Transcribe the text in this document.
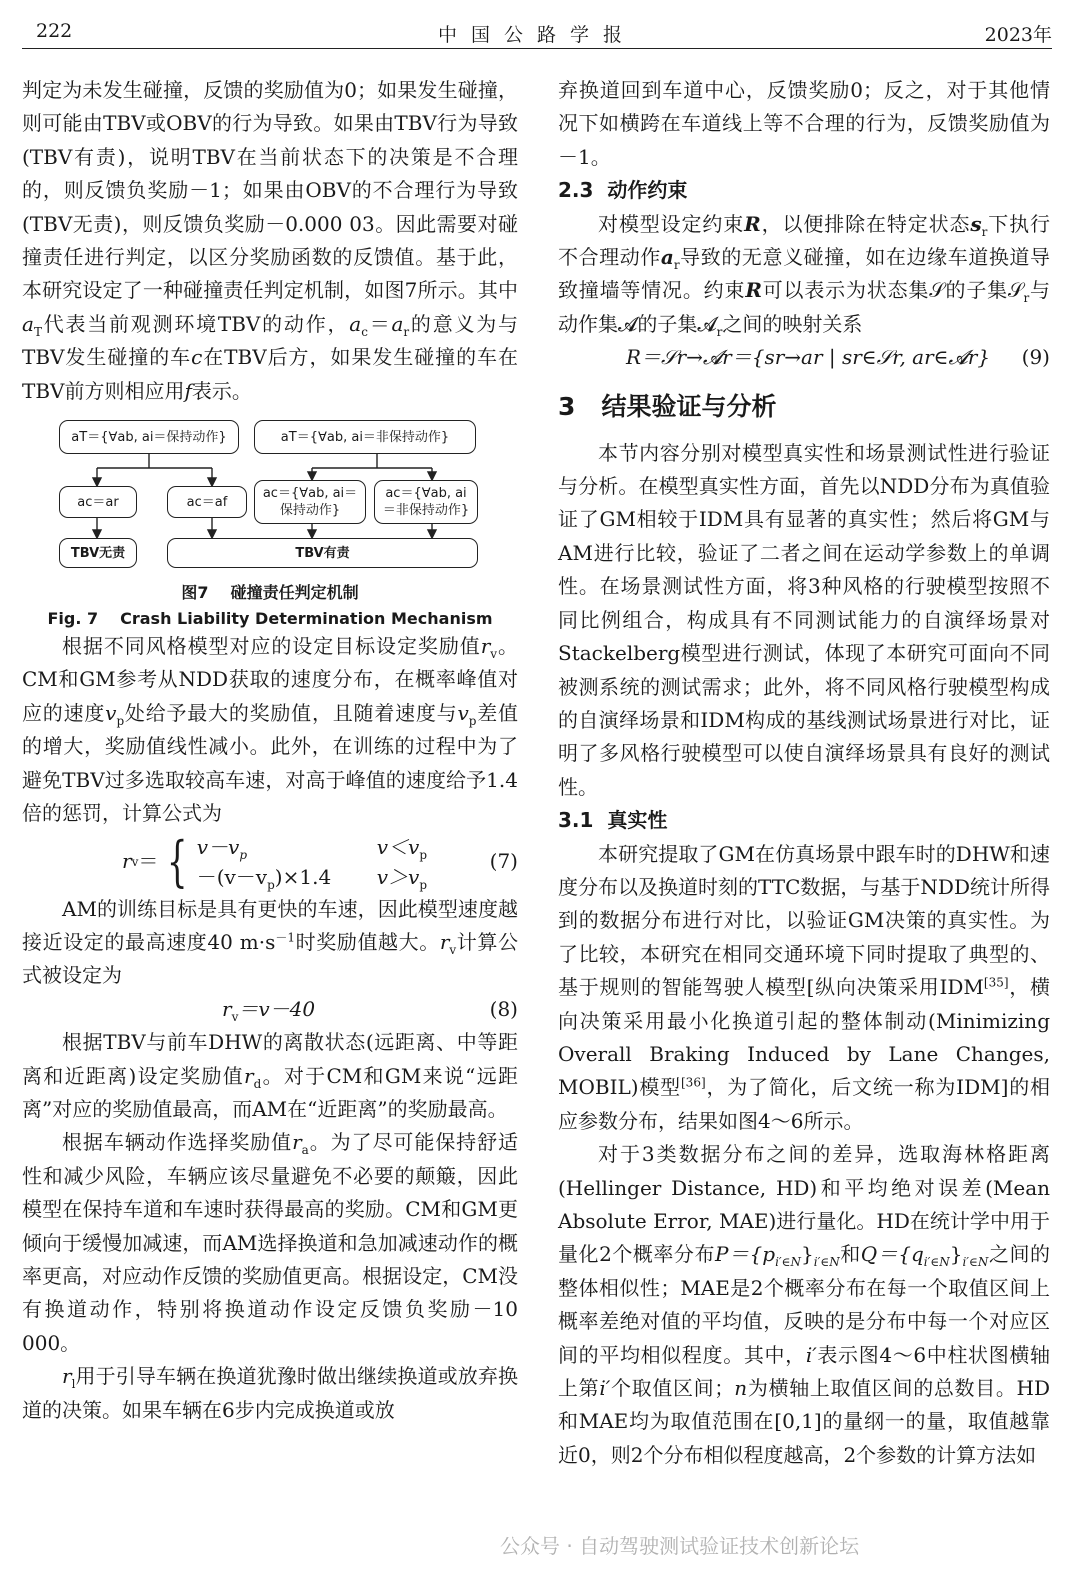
222	中国公路学报	2023年

判定为未发生碰撞，反馈的奖励值为0；如果发生碰撞，则可能由TBV或OBV的行为导致。如果由TBV行为导致(TBV有责)，说明TBV在当前状态下的决策是不合理的，则反馈负奖励－1；如果由OBV的不合理行为导致(TBV无责)，则反馈负奖励－0.000 03。因此需要对碰撞责任进行判定，以区分奖励函数的反馈值。基于此，本研究设定了一种碰撞责任判定机制，如图7所示。其中$a_T$代表当前观测环境TBV的动作，$a_c=a_r$的意义为与TBV发生碰撞的车c在TBV后方，如果发生碰撞的车在TBV前方则相应用f表示。

aT＝{∀ab, ai＝保持动作}	aT＝{∀ab, ai＝非保持动作}
ac＝ar	ac＝af
ac＝{∀ab, ai＝保持动作}
ac＝{∀ab, ai＝非保持动作}
TBV无责	TBV有责
图7 碰撞责任判定机制
Fig. 7 Crash Liability Determination Mechanism

根据不同风格模型对应的设定目标设定奖励值$r_v$。CM和GM参考从NDD获取的速度分布，在概率峰值对应的速度$v_p$处给予最大的奖励值，且随着速度与$v_p$差值的增大，奖励值线性减小。此外，在训练的过程中为了避免TBV过多选取较高车速，对高于峰值的速度给予1.4倍的惩罚，计算公式为

r v ＝ { $v-v_p$	$v<v_p$
$-(v-v_p)\times 1.4$ $v>v_p$
(7)

AM的训练目标是具有更快的车速，因此模型速度越接近设定的最高速度40 $m\cdot s^{-1}$时奖励值越大。$r_v$计算公式被设定为

$r_v=v-40$	(8)

根据TBV与前车DHW的离散状态(远距离、中等距离和近距离)设定奖励值$r_d$。对于CM和GM来说“远距离”对应的奖励值最高，而AM在“近距离”的奖励最高。

根据车辆动作选择奖励值$r_a$。为了尽可能保持舒适性和减少风险，车辆应该尽量避免不必要的颠簸，因此模型在保持车道和车速时获得最高的奖励。CM和GM更倾向于缓慢加减速，而AM选择换道和急加减速动作的概率更高，对应动作反馈的奖励值更高。根据设定，CM没有换道动作，特别将换道动作设定反馈负奖励－10 000。

$r_l$用于引导车辆在换道犹豫时做出继续换道或放弃换道的决策。如果车辆在6步内完成换道或放

弃换道回到车道中心，反馈奖励0；反之，对于其他情况下如横跨在车道线上等不合理的行为，反馈奖励值为－1。

2.3 动作约束

对模型设定约束R，以便排除在特定状态$s_r$下执行不合理动作$a_r$导致的无意义碰撞，如在边缘车道换道导致撞墙等情况。约束R可以表示为状态集𝒮的子集𝒮$_r$与动作集𝓐的子集𝓐$_r$之间的映射关系

R＝𝒮r→𝓐r＝{sr→ar | sr∈𝒮r, ar∈𝓐r} (9)
3 结果验证与分析

本节内容分别对模型真实性和场景测试性进行验证与分析。在模型真实性方面，首先以NDD分布为真值验证了GM相较于IDM具有显著的真实性；然后将GM与AM进行比较，验证了二者之间在运动学参数上的单调性。在场景测试性方面，将3种风格的行驶模型按照不同比例组合，构成具有不同测试能力的自演绎场景对Stackelberg模型进行测试，体现了本研究可面向不同被测系统的测试需求；此外，将不同风格行驶模型构成的自演绎场景和IDM构成的基线测试场景进行对比，证明了多风格行驶模型可以使自演绎场景具有良好的测试性。

3.1 真实性

本研究提取了GM在仿真场景中跟车时的DHW和速度分布以及换道时刻的TTC数据，与基于NDD统计所得到的数据分布进行对比，以验证GM决策的真实性。为了比较，本研究在相同交通环境下同时提取了典型的、基于规则的智能驾驶人模型[纵向决策采用IDM[35]，横向决策采用最小化换道引起的整体制动(Minimizing Overall Braking Induced by Lane Changes, MOBIL)模型[36]，为了简化，后文统一称为IDM]的相应参数分布，结果如图4～6所示。

对于3类数据分布之间的差异，选取海林格距离(Hellinger Distance, HD)和平均绝对误差(Mean Absolute Error, MAE)进行量化。HD在统计学中用于量化2个概率分布$P=\{p_{i'\in N}\}_{i'\in N}$和$Q=\{q_{i'\in N}\}_{i'\in N}$之间的整体相似性；MAE是2个概率分布在每一个取值区间上概率差绝对值的平均值，反映的是分布中每一个对应区间的平均相似程度。其中，i′表示图4～6中柱状图横轴上第i′个取值区间；n为横轴上取值区间的总数目。HD和MAE均为取值范围在[0,1]的量纲一的量，取值越靠近0，则2个分布相似程度越高，2个参数的计算方法如

公众号 · 自动驾驶测试验证技术创新论坛
